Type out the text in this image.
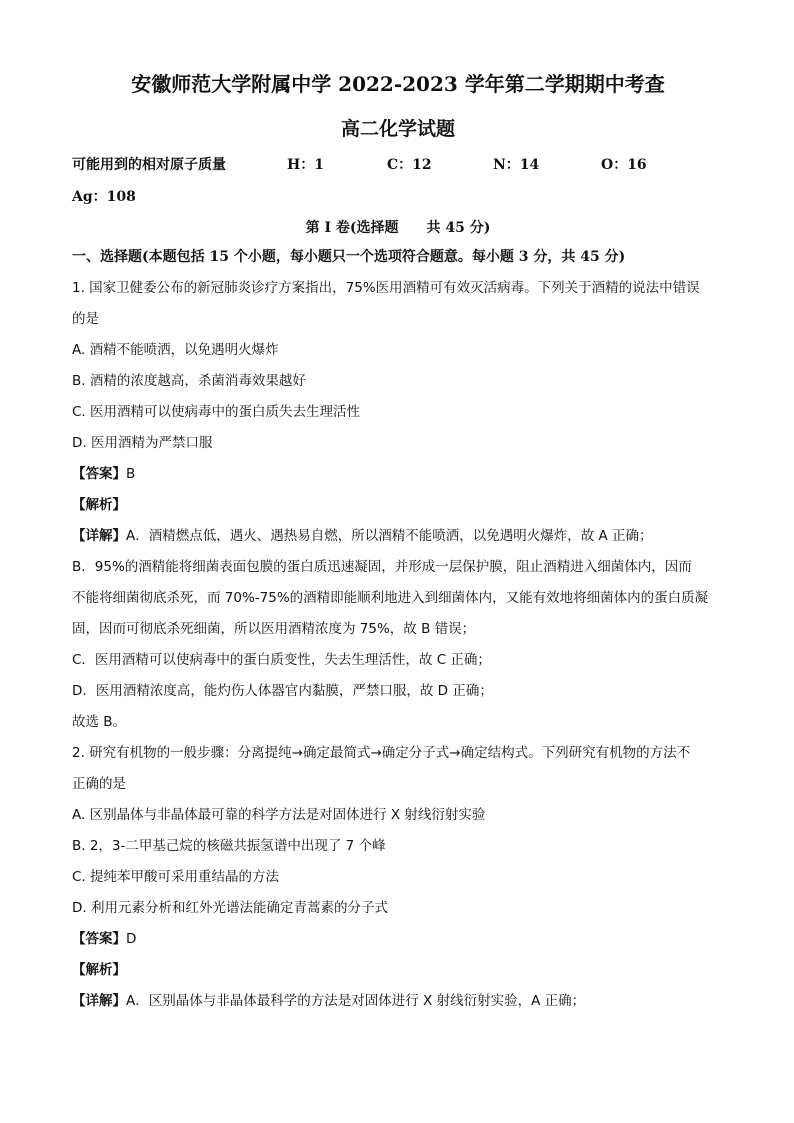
安徽师范大学附属中学 2022-2023 学年第二学期期中考查
高二化学试题
可能用到的相对原子质量	H：1	C：12	N：14	O：16
Ag：108
第 I 卷(选择题　　共 45 分)
一、选择题(本题包括 15 个小题，每小题只一个选项符合题意。每小题 3 分，共 45 分)
1. 国家卫健委公布的新冠肺炎诊疗方案指出，75%医用酒精可有效灭活病毒。下列关于酒精的说法中错误
的是
A. 酒精不能喷洒，以免遇明火爆炸
B. 酒精的浓度越高，杀菌消毒效果越好
C. 医用酒精可以使病毒中的蛋白质失去生理活性
D. 医用酒精为严禁口服
【答案】B
【解析】
【详解】A．酒精燃点低，遇火、遇热易自燃，所以酒精不能喷洒，以免遇明火爆炸，故 A 正确；
B．95%的酒精能将细菌表面包膜的蛋白质迅速凝固，并形成一层保护膜，阻止酒精进入细菌体内，因而
不能将细菌彻底杀死，而 70%-75%的酒精即能顺利地进入到细菌体内，又能有效地将细菌体内的蛋白质凝
固，因而可彻底杀死细菌，所以医用酒精浓度为 75%，故 B 错误；
C．医用酒精可以使病毒中的蛋白质变性，失去生理活性，故 C 正确；
D．医用酒精浓度高，能灼伤人体器官内黏膜，严禁口服，故 D 正确；
故选 B。
2. 研究有机物的一般步骤：分离提纯→确定最简式→确定分子式→确定结构式。下列研究有机物的方法不
正确的是
A. 区别晶体与非晶体最可靠的科学方法是对固体进行 X 射线衍射实验
B. 2，3-二甲基己烷的核磁共振氢谱中出现了 7 个峰
C. 提纯苯甲酸可采用重结晶的方法
D. 利用元素分析和红外光谱法能确定青蒿素的分子式
【答案】D
【解析】
【详解】A．区别晶体与非晶体最科学的方法是对固体进行 X 射线衍射实验，A 正确；
